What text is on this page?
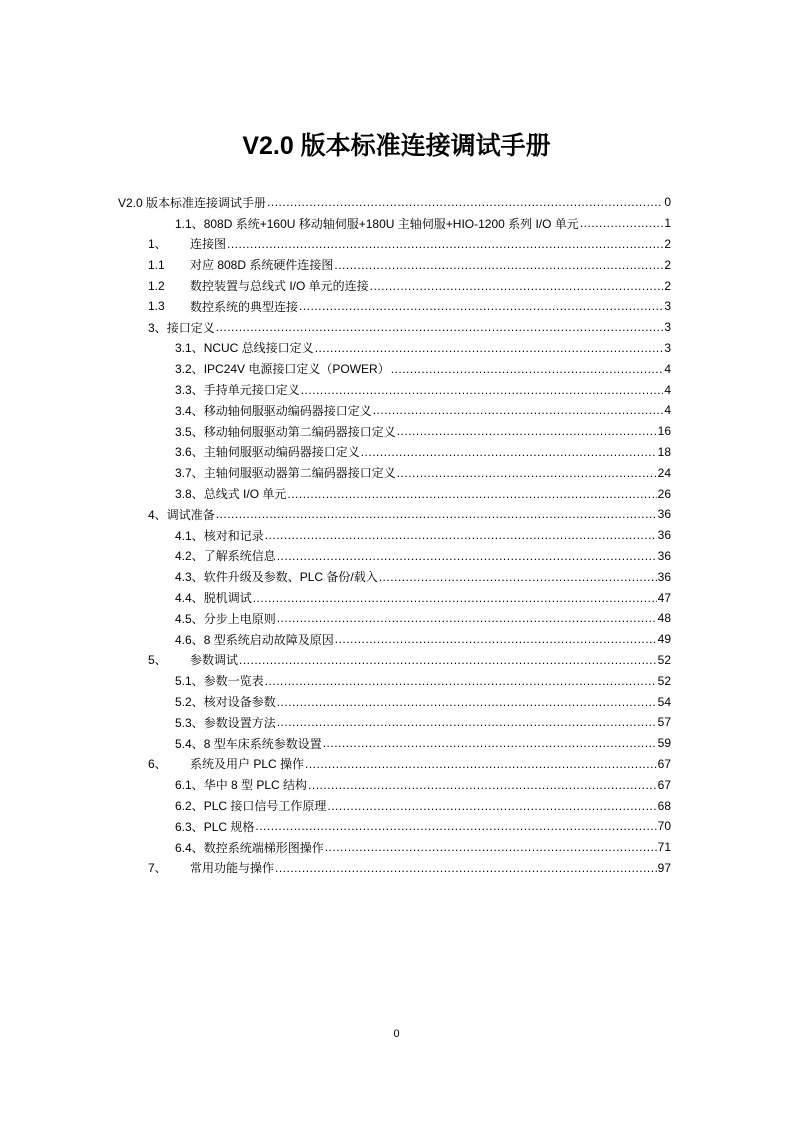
V2.0 版本标准连接调试手册
V2.0 版本标准连接调试手册 .....	0
1.1、 808D 系统+160U 移动轴伺服+180U 主轴伺服+HIO-1200 系列 I/O 单元 .....	1
1、	连接图 .....	2
1.1	对应 808D 系统硬件连接图 .....	2
1.2	数控装置与总线式 I/O 单元的连接 .....	2
1.3	数控系统的典型连接 .....	3
3、 接口定义 .....	3
3.1、 NCUC 总线接口定义 .....	3
3.2、 IPC24V 电源接口定义（POWER） .....	4
3.3、 手持单元接口定义 .....	4
3.4、 移动轴伺服驱动编码器接口定义 .....	4
3.5、 移动轴伺服驱动第二编码器接口定义 .....	16
3.6、 主轴伺服驱动编码器接口定义 .....	18
3.7、 主轴伺服驱动器第二编码器接口定义 .....	24
3.8、 总线式 I/O 单元 .....	26
4、 调试准备 .....	36
4.1、 核对和记录 .....	36
4.2、 了解系统信息 .....	36
4.3、 软件升级及参数、PLC 备份/载入 .....	36
4.4、 脱机调试 .....	47
4.5、 分步上电原则 .....	48
4.6、 8 型系统启动故障及原因 .....	49
5、	参数调试 .....	52
5.1、 参数一览表 .....	52
5.2、 核对设备参数 .....	54
5.3、 参数设置方法 .....	57
5.4、 8 型车床系统参数设置 .....	59
6、	系统及用户 PLC 操作 .....	67
6.1、 华中 8 型 PLC 结构 .....	67
6.2、 PLC 接口信号工作原理 .....	68
6.3、 PLC 规格 .....	70
6.4、 数控系统端梯形图操作 .....	71
7、	常用功能与操作 .....	97
0
